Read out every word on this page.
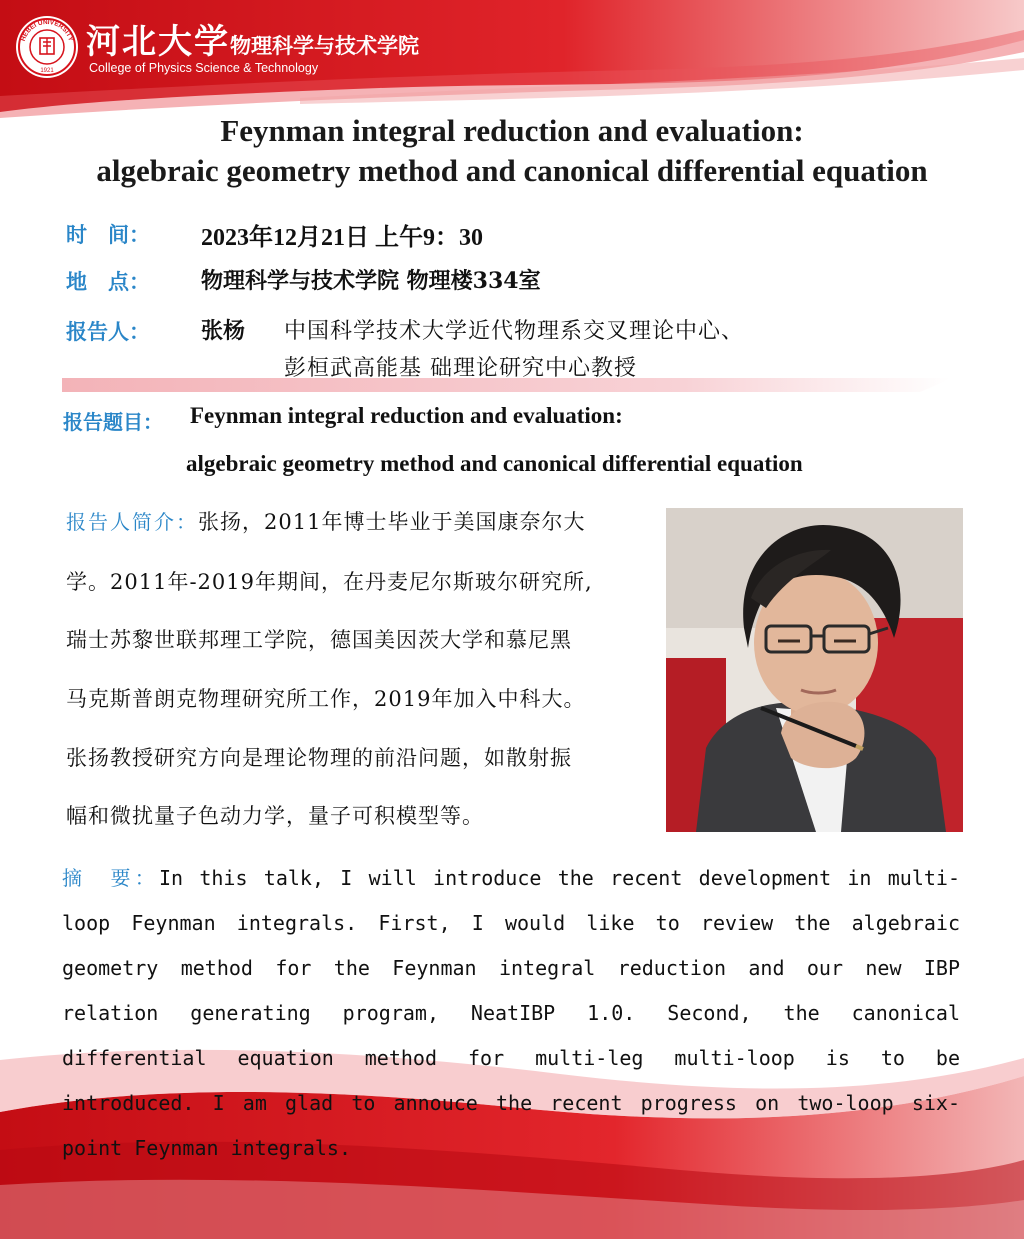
HEBEI UNIVERSITY
1921
河北大学物理科学与技术学院
College of Physics Science & Technology
Feynman integral reduction and evaluation:
algebraic geometry method and canonical differential equation
时　间： 2023年12月21日 上午9：30
地　点： 物理科学与技术学院 物理楼334室
报告人： 张杨 中国科学技术大学近代物理系交叉理论中心、
彭桓武高能基 础理论研究中心教授
报告题目： Feynman integral reduction and evaluation:
algebraic geometry method and canonical differential equation
报告人简介：张扬，2011年博士毕业于美国康奈尔大
学。2011年-2019年期间，在丹麦尼尔斯玻尔研究所,
瑞士苏黎世联邦理工学院，德国美因茨大学和慕尼黑
马克斯普朗克物理研究所工作，2019年加入中科大。
张扬教授研究方向是理论物理的前沿问题，如散射振
幅和微扰量子色动力学，量子可积模型等。
摘　要：In this talk, I will introduce the recent development in multi-
loop Feynman integrals. First, I would like to review the algebraic
geometry method for the Feynman integral reduction and our new IBP
relation generating program, NeatIBP 1.0. Second, the canonical
differential equation method for multi-leg multi-loop is to be
introduced. I am glad to annouce the recent progress on two-loop six-
point Feynman integrals.
